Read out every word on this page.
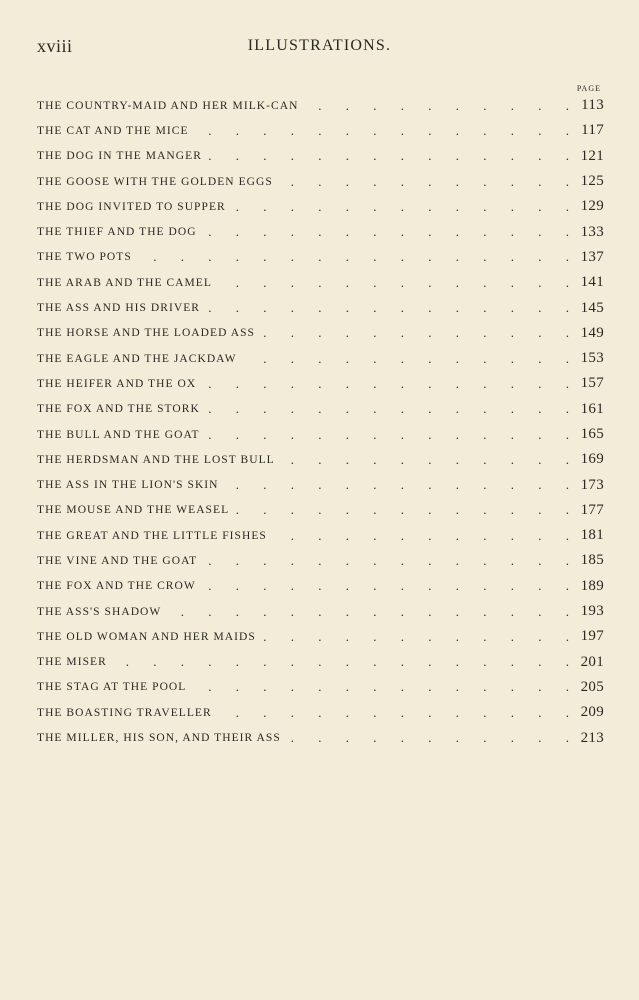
xviii	ILLUSTRATIONS.
PAGE
THE COUNTRY-MAID AND HER MILK-CAN . . .	113
THE CAT AND THE MICE . . .	117
THE DOG IN THE MANGER . . .	121
THE GOOSE WITH THE GOLDEN EGGS . . .	125
THE DOG INVITED TO SUPPER . . .	129
THE THIEF AND THE DOG . . .	133
THE TWO POTS . . .	137
THE ARAB AND THE CAMEL . . .	141
THE ASS AND HIS DRIVER . . .	145
THE HORSE AND THE LOADED ASS . . .	149
THE EAGLE AND THE JACKDAW . . .	153
THE HEIFER AND THE OX . . .	157
THE FOX AND THE STORK . . .	161
THE BULL AND THE GOAT . . .	165
THE HERDSMAN AND THE LOST BULL . . .	169
THE ASS IN THE LION'S SKIN . . .	173
THE MOUSE AND THE WEASEL . . .	177
THE GREAT AND THE LITTLE FISHES . . .	181
THE VINE AND THE GOAT . . .	185
THE FOX AND THE CROW . . .	189
THE ASS'S SHADOW . . .	193
THE OLD WOMAN AND HER MAIDS . . .	197
THE MISER . . .	201
THE STAG AT THE POOL . . .	205
THE BOASTING TRAVELLER . . .	209
THE MILLER, HIS SON, AND THEIR ASS . . .	213
